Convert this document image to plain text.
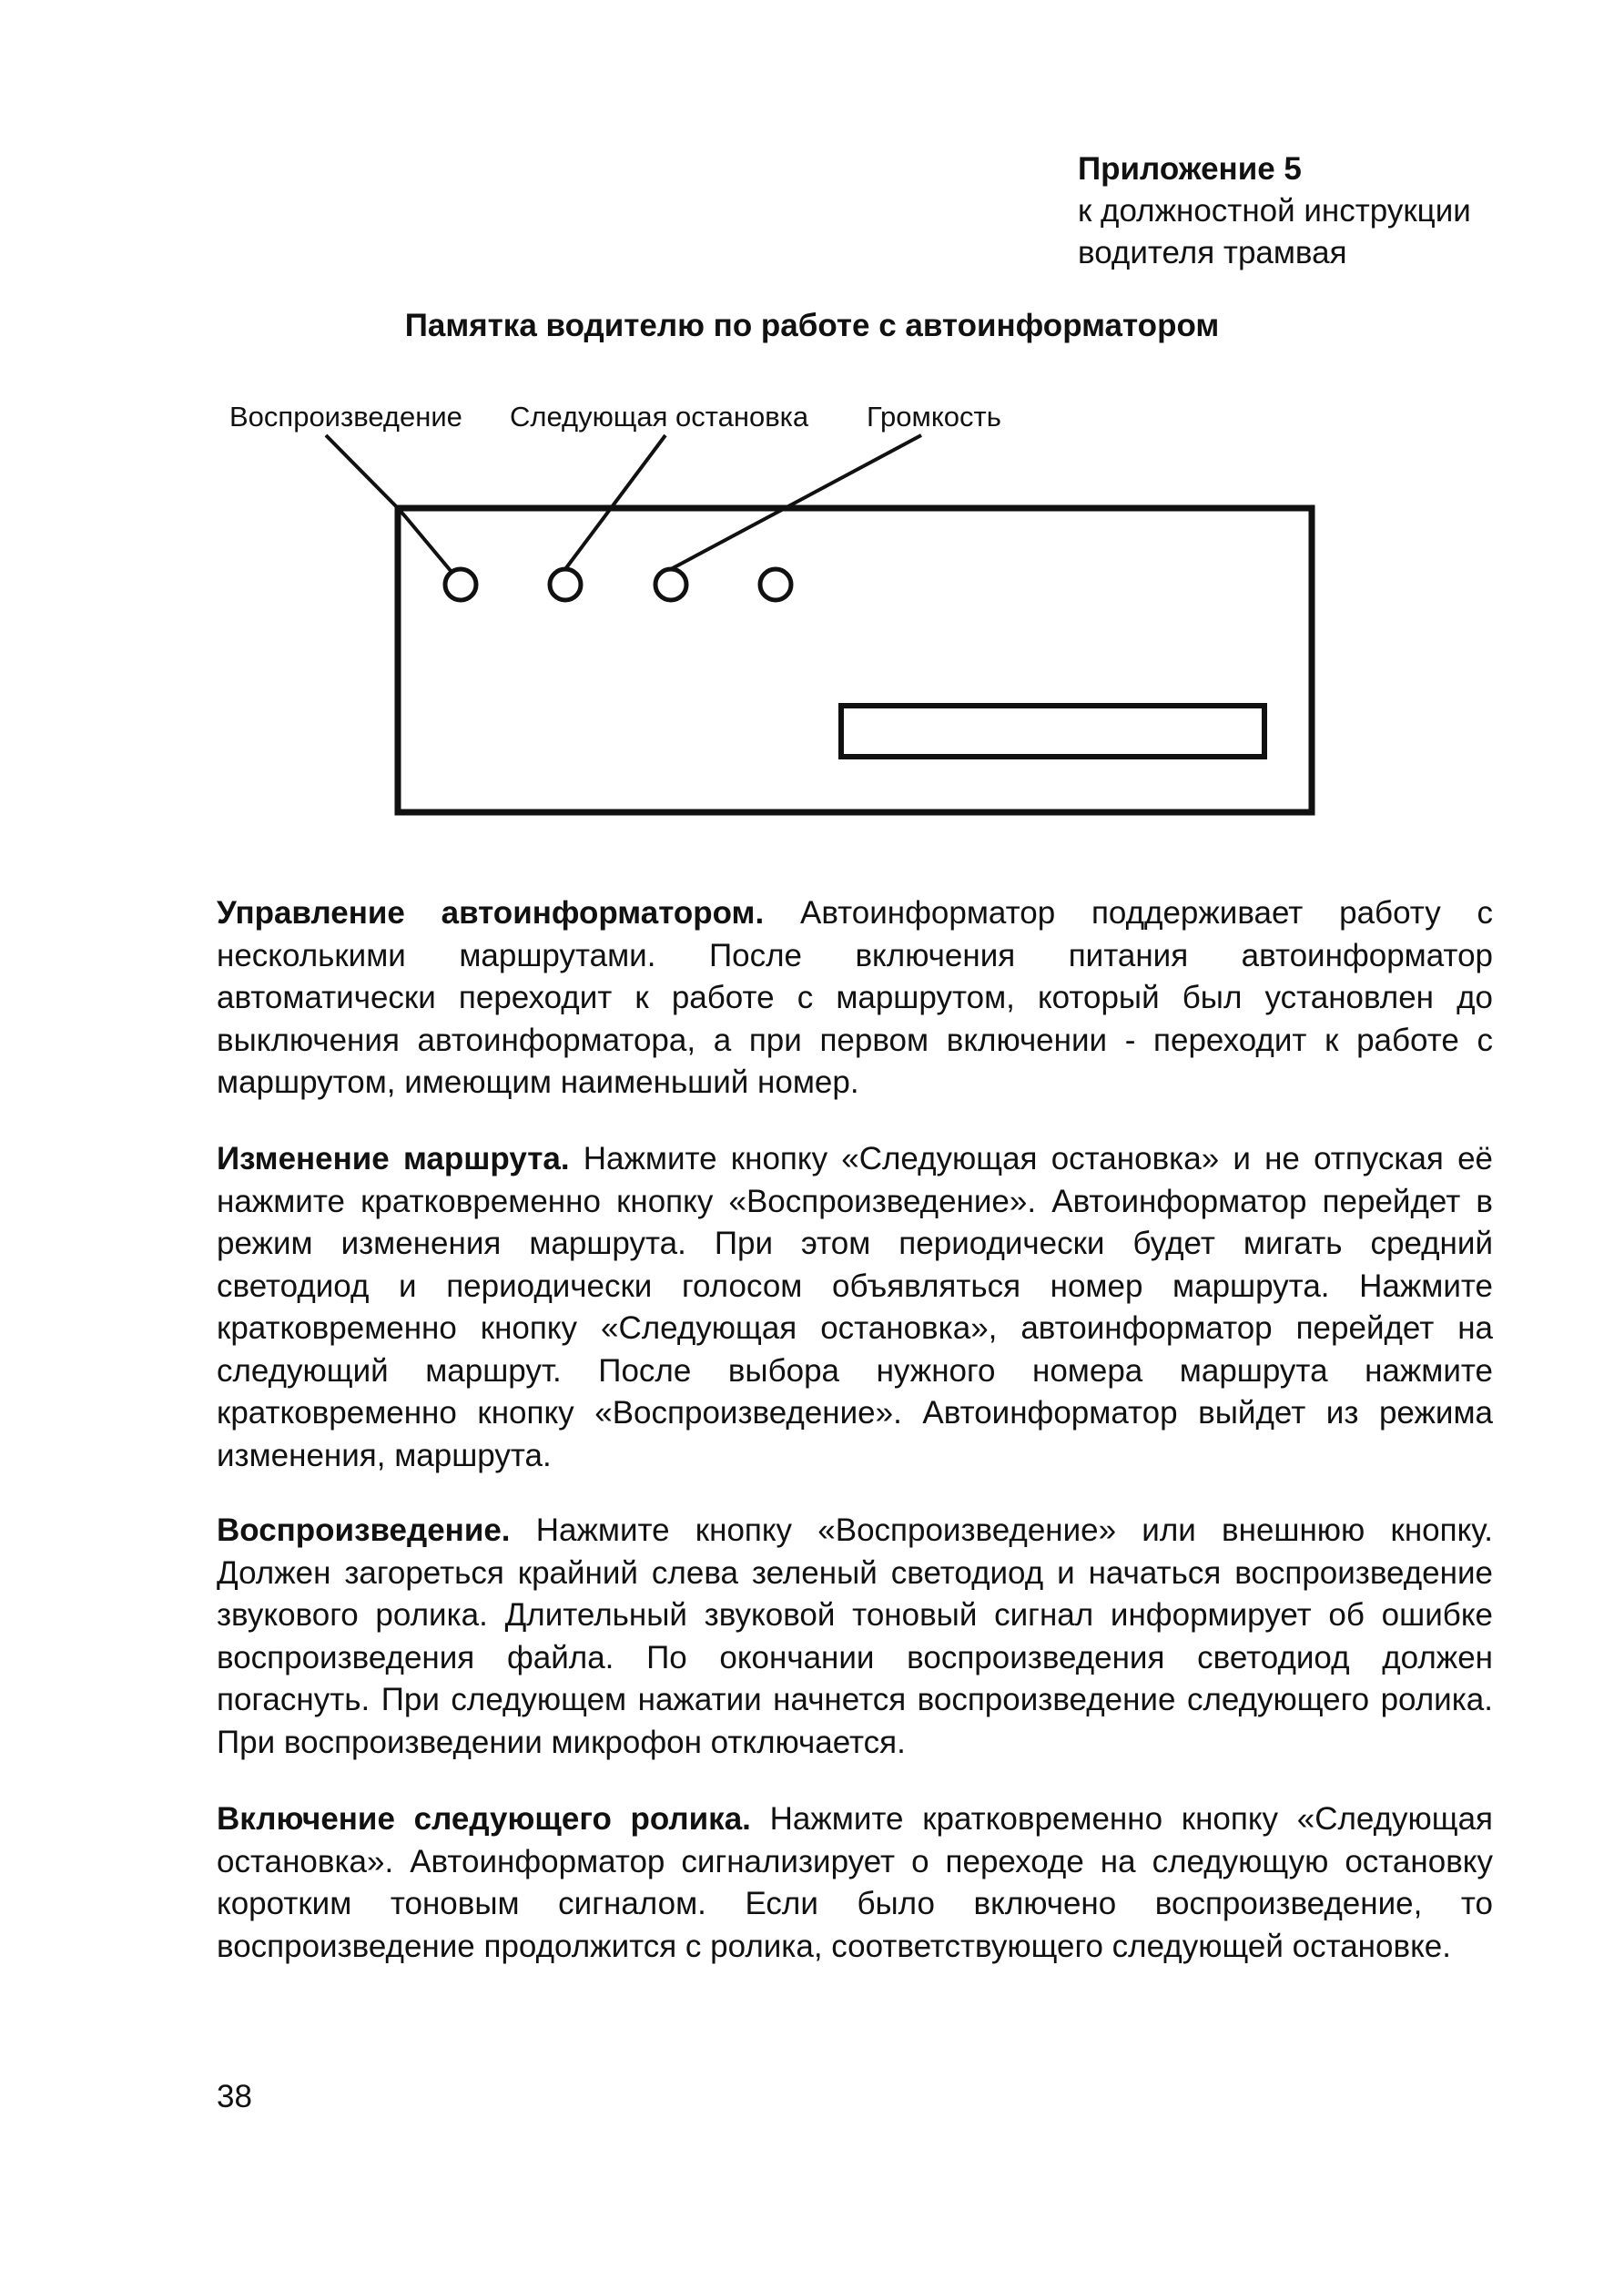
Приложение 5
к должностной инструкции
водителя трамвая
Памятка водителю по работе с автоинформатором
Воспроизведение Следующая остановка Громкость

Управление автоинформатором. Автоинформатор поддерживает работу с несколькими маршрутами. После включения питания автоинформатор автоматически переходит к работе с маршрутом, который был установлен до выключения автоинформатора, а при первом включении - переходит к работе с маршрутом, имеющим наименьший номер.

Изменение маршрута. Нажмите кнопку «Следующая остановка» и не отпуская её нажмите кратковременно кнопку «Воспроизведение». Автоинформатор перейдет в режим изменения маршрута. При этом периодически будет мигать средний светодиод и периодически голосом объявляться номер маршрута. Нажмите кратковременно кнопку «Следующая остановка», автоинформатор перейдет на следующий маршрут. После выбора нужного номера маршрута нажмите кратковременно кнопку «Воспроизведение». Автоинформатор выйдет из режима изменения, маршрута.

Воспроизведение. Нажмите кнопку «Воспроизведение» или внешнюю кнопку. Должен загореться крайний слева зеленый светодиод и начаться воспроизведение звукового ролика. Длительный звуковой тоновый сигнал информирует об ошибке воспроизведения файла. По окончании воспроизведения светодиод должен погаснуть. При следующем нажатии начнется воспроизведение следующего ролика. При воспроизведении микрофон отключается.

Включение следующего ролика. Нажмите кратковременно кнопку «Следующая остановка». Автоинформатор сигнализирует о переходе на следующую остановку коротким тоновым сигналом. Если было включено воспроизведение, то воспроизведение продолжится с ролика, соответствующего следующей остановке.

38
